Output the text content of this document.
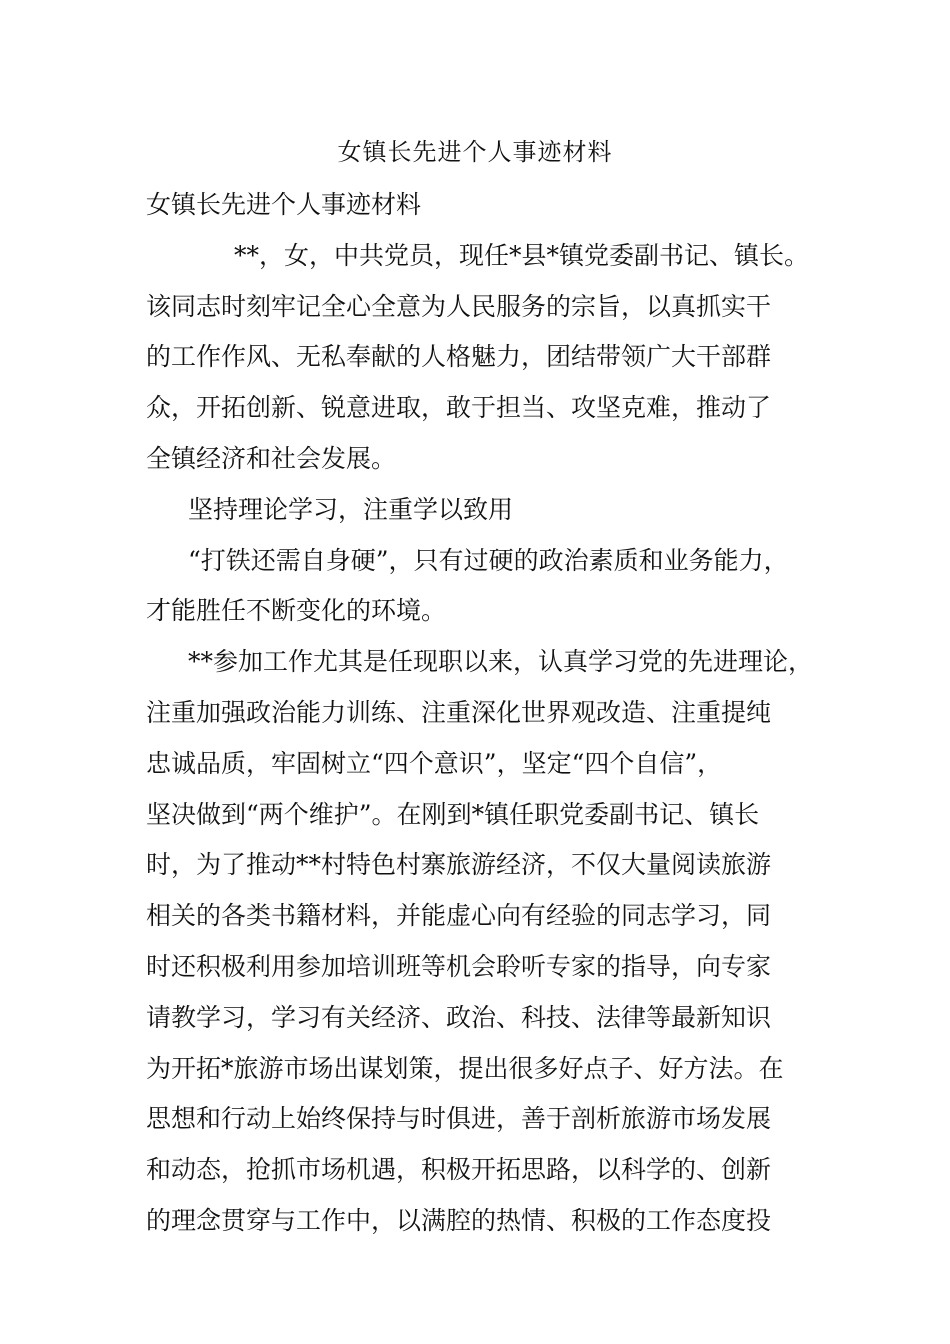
女镇长先进个人事迹材料
女镇长先进个人事迹材料
**，女，中共党员，现任*县*镇党委副书记、镇长。
该同志时刻牢记全心全意为人民服务的宗旨，以真抓实干
的工作作风、无私奉献的人格魅力，团结带领广大干部群
众，开拓创新、锐意进取，敢于担当、攻坚克难，推动了
全镇经济和社会发展。
坚持理论学习，注重学以致用
“打铁还需自身硬”，只有过硬的政治素质和业务能力，
才能胜任不断变化的环境。
**参加工作尤其是任现职以来，认真学习党的先进理论，
注重加强政治能力训练、注重深化世界观改造、注重提纯
忠诚品质，牢固树立“四个意识”，坚定“四个自信”，
坚决做到“两个维护”。在刚到*镇任职党委副书记、镇长
时，为了推动**村特色村寨旅游经济，不仅大量阅读旅游
相关的各类书籍材料，并能虚心向有经验的同志学习，同
时还积极利用参加培训班等机会聆听专家的指导，向专家
请教学习，学习有关经济、政治、科技、法律等最新知识
为开拓*旅游市场出谋划策，提出很多好点子、好方法。在
思想和行动上始终保持与时俱进，善于剖析旅游市场发展
和动态，抢抓市场机遇，积极开拓思路，以科学的、创新
的理念贯穿与工作中，以满腔的热情、积极的工作态度投
